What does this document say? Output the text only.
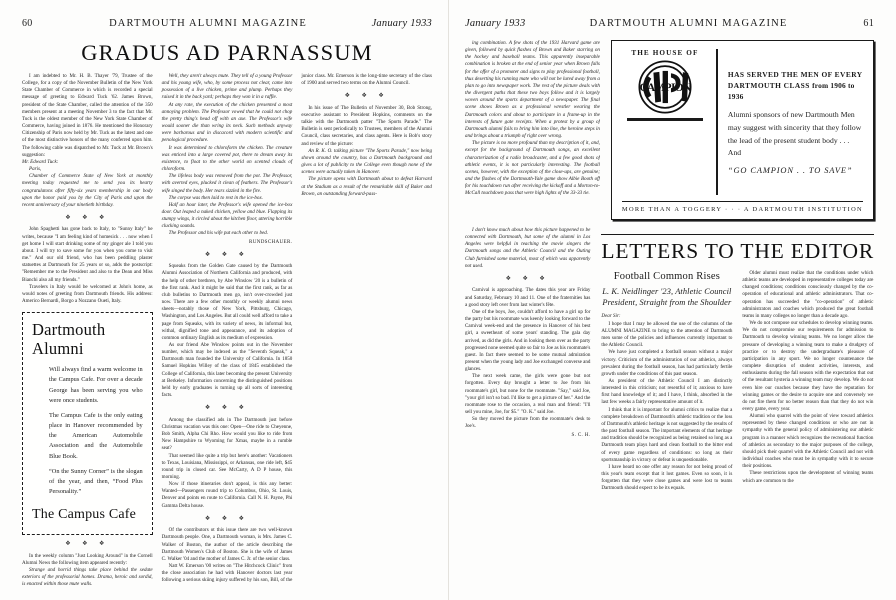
60	DARTMOUTH ALUMNI MAGAZINE	January 1933
GRADUS AD PARNASSUM

I am indebted to Mr. H. B. Thayer '79, Trustee of the College, for a copy of the November Bulletin of the New York State Chamber of Commerce in which is recorded a special message of greeting to Edward Tuck '62. James Brown, president of the State Chamber, called the attention of the 350 members present at a meeting November 3 to the fact that Mr. Tuck is the oldest member of the New York State Chamber of Commerce, having joined in 1876. He mentioned the Honorary Citizenship of Paris now held by Mr. Tuck as the latest and one of the most distinctive honors of the many conferred upon him. The following cable was dispatched to Mr. Tuck at Mr. Brown's suggestion:

Mr. Edward Tuck:

Paris,

Chamber of Commerce State of New York at monthly meeting today requested me to send you its hearty congratulatons after fifty-six years membership in our body upon the honor paid you by the City of Paris and upon the recent anniversary of your ninetieth birthday.

❖ ❖ ❖

John Spaghetti has gone back to Italy, to "Sunny Italy" he writes, because "I am feeling kind of homesick . . . now when I get home I will start drinking some of my ginger ale I told you about. I will try to save some for you when you come to visit me." And our old friend, who has been peddling plaster statuettes at Dartmouth for 25 years or so, adds the postscript: "Remember me to the President and also to the Dean and Miss Bianchi also all my friends."

Travelers in Italy would be welcomed at John's home, as would notes of greeting from Dartmouth friends. His address: Americo Bernardi, Borgo a Nozzano Oueti, Italy.

Dartmouth
Alumni

Will always find a warm welcome in the Campus Cafe. For over a decade George has been serving you who were once students.

The Campus Cafe is the only eating place in Hanover recommended by the American Automobile Association and the Automobile Blue Book.

“On the Sunny Corner” is the slogan of the year, and then, “Food Plus Personality.”

The Campus Cafe

❖ ❖ ❖

In the weekly column "Just Looking Around" in the Cornell Alumni News the following item appeared recently:

Strange and horrid things take place behind the sedate exteriors of the professorial homes. Drama, heroic and sordid, is enacted within those mute walls.

Well, they aren't always mute. They tell of a young Professor and his young wife, who, by some process not clear, came into possession of a live chicken, prime and plump. Perhaps they raised it in the back yard; perhaps they won it in a raffle.

At any rate, the execution of the chicken presented a most annoying problem. The Professor vowed that he could not chop the pretty thing's head off with an axe. The Professor's wife would sooner die than wring its neck. Such methods anyway were barbarous and in discacord with modern scientific and penological procedure.

It was determined to chloroform the chicken. The creature was enticed into a large covered pot, there to dream away its existence, to float to the other world on scented clouds of chloroform.

The lifeless body was removed from the pot. The Professor, with averted eyes, plucked it clean of feathers. The Professor's wife singed the body. Her tears sizzled in the fire.

The corpse was then laid to rest in the ice-box.

Half an hour later, the Professor's wife opened the ice-box door. Out leaped a naked chicken, yellow and blue. Flapping its stumpy wings, it circled about the kitchen floor, uttering horrible clucking sounds.

The Professor and his wife put each other to bed.

RUNDSCHAUER.

❖ ❖ ❖

Squeaks from the Golden Gate caused by the Dartmouth Alumni Association of Northern California and produced, with the help of other brethren, by Abe Winslow '20 is a bulletin of the first rank. And it might be said that the first rank, as far as club bulletins to Dartmouth men go, isn't over-crowded just now. There are a few other monthly or weekly alumni news sheets—notably those of New York, Pittsburg, Chicago, Washington, and Los Angeles. But all could well afford to take a page from Squeaks, with its variety of news, its informal but, withal, dignified tone and appearance, and its adoption of common ordinary English as its medium of expression.

As our friend Abe Winslow points out in the November number, which may be indexed as the "Seventh Squeak," a Dartmouth man founded the University of California. In 1850 Samuel Hopkins Willey of the class of 1845 established the College of California, this later becoming the present University at Berkeley. Information concerning the distinguished positions held by early graduates is turning up all sorts of interesting facts.

❖ ❖ ❖

Among the classified ads in The Dartmouth just before Christmas vacation was this one: Open—One ride to Cheyenne, Bob Smith, Alpha Chi Rho. How would you like to ride from New Hampshire to Wyoming for Xmas, maybe in a rumble seat?

That seemed like quite a trip but here's another: Vacationers to Texas, Louisiana, Mississippi, or Arkansas, one ride left, $45 round trip in closed car. See McCarty, A D P house, this morning.

Now if those itineraries don't appeal, is this any better: Wanted—Passengers round trip to Columbus, Ohio, St. Louis, Denver and points en route to California. Call N. H. Payne, Phi Gamma Delta house.

❖ ❖ ❖

Of the contributors ot this issue there are two well-known Dartmouth people. One, a Dartmouth woman, is Mrs. James C. Walker of Boston, the author of the article describing the Dartmouth Women's Club of Boston. She is the wife of James C. Walker '04 and the mother of James C. Jr. of the senior class.

Natt W. Emerson '00 writes on "The Hitchcock Clinic" from the close association he had with Hanover doctors last year following a serious skiing injury suffered by his son, Bill, of the junior class. Mr. Emerson is the long-time secretary of the class of 1900 and served two terms on the Alumni Council.

❖ ❖ ❖

In his issue of The Bulletin of November 30, Bob Strong, executive assistant to President Hopkins, comments on the talkie with the Dartmouth patter "The Sports Parade." The Bulletin is sent periodically to Trustees, members of the Alumni Council, class secretaries, and class agents. Here is Bob's story and review of the picture:

An R. K. O. talking picture "The Sports Parade," now being shown around the country, has a Dartmouth background and gives a lot of publicity to the College even though none of the scenes were actually taken in Hanover.

The picture opens with Dartmouth about to defeat Harvard at the Stadium as a result of the remarkable skill of Baker and Brown, an outstanding forward-pass-

January 1933	DARTMOUTH ALUMNI MAGAZINE	61

ing combination. A few shots of the 1931 Harvard game are given, followed by quick flashes of Brown and Baker starring on the hockey and baseball teams. This apparently inseparable combination is broken at the end of senior year when Brown falls for the offer of a promoter and signs to play professional football, thus deserting his running mate who will not be lured away from a plan to go into newspaper work. The rest of the picture deals with the divergent paths that these two boys follow and it is largely woven around the sports department of a newspaper. The final scene shows Brown as a professional wrestler wearing the Dartmouth colors and about to participate in a frame-up in the interests of future gate receipts. When a protest by a group of Dartmouth alumni fails to bring him into line, the heroine steps in and brings about a triumph of right over wrong.

The picture is no more profound than my description of it, and, except for the background of Dartmouth songs, an excellent characterization of a radio broadcaster, and a few good shots of athletic events, it is not particularly interesting. The football scenes, however, with the exception of the close-ups, are genuine; and the flashes of the Dartmouth-Yale game show Albie Booth off for his touchdown run after receiving the kickoff and a Morton-to-McCall touchdown pass that were high lights of the 33-33 tie.

THE HOUSE OF
CAMPION
HAS SERVED THE MEN OF EVERY
DARTMOUTH CLASS from 1906 to 1936
Alumni sponsors of new Dartmouth Men may suggest with sincerity that they follow the lead of the present student body . . . And
“GO CAMPION . . TO SAVE”
MORE THAN A TOGGERY · · · A DARTMOUTH INSTITUTION

I don't know much about how this picture happened to be connected with Dartmouth, but some of the alumni in Los Angeles were helpful in teaching the movie singers the Dartmouth songs and the Athletic Council and the Outing Club furnished some material, most of which was apparently not used.

❖ ❖ ❖

Carnival is approaching. The dates this year are Friday and Saturday, February 10 and 11. One of the fraternities has a good story left over from last winter's fête.

One of the boys, Joe, couldn't afford to have a girl up for the party but his roommate was keenly looking forward to the Carnival week-end and the presence in Hanover of his best girl, a sweetheart of some years' standing. The gala day arrived, as did the girls. And in looking them over as the party progressed none seemed quite so fair to Joe as his roommate's guest. In fact there seemed to be some mutual admiration present when the young lady and Joe exchanged converse and glances.

The next week came, the girls were gone but not forgotten. Every day brought a letter to Joe from his roommate's girl, but none for the roommate. "Say," said Joe, "your girl isn't so bad. I'd like to get a picture of her." And the roommate rose to the occasion, a real man and friend: "I'll sell you mine, Joe, for $5." "O. K." said Joe.

So they moved the picture from the roommate's desk to Joe's.

S. C. H.

LETTERS TO THE EDITOR
Football Common Rises
L. K. Neidlinger '23, Athletic Council President, Straight from the Shoulder

Dear Sir:

I hope that I may be allowed the use of the columns of the ALUMNI MAGAZINE to bring to the attention of Dartmouth men some of the policies and influences currently important to the Athletic Council.

We have just completed a football season without a major victory. Criticism of the administration of our athletics, always prevalent during the football season, has had particularly fertile growth under the conditions of this past season.

As president of the Athletic Council I am distinctly interested in this criticism; not resentful of it; anxious to have first hand knowledge of it; and I have, I think, absorbed in the last few weeks a fairly representative amount of it.

I think that it is important for alumni critics to realize that a complete breakdown of Dartmouth's athletic tradition or the loss of Dartmouth's athletic heritage is not suggested by the results of the past football season. The important elements of that heritage and tradition should be recognized as being retained so long as a Dartmouth team plays hard and clean football to the bitter end of every game regardless of conditions: so long as their sportsmanship in victory or defeat is unquestionable.

I have heard no one offer any reason for not being proud of this year's team except that it lost games. Even so soon, it is forgotten that they were close games and were lost to teams Dartmouth should expect to be its equals.

Older alumni must realize that the conditions under which athletic teams are developed in representative colleges today are changed conditions; conditions consciously changed by the co-operation of educational and athletic administrators. That co-operation has succeeded the "co-operation" of athletic administrators and coaches which produced the great football teams in many colleges no longer than a decade ago.

We do not compose our schedules to develop winning teams. We do not compromise our requirements for admission to Dartmouth to develop winning teams. We no longer allow the pressure of developing a winning team to make a drudgery of practice or to destroy the undergraduate's pleasure of participation in any sport. We no longer countenance the complete disruption of student activities, interests, and enthusiasms during the fall season with the expectation that out of the resultant hysteria a winning team may develop. We do not even hire our coaches because they have the reputation for winning games or the desire to acquire one and conversely we do not fire them for no better reason than that they do not win every game, every year.

Alumni who quarrel with the point of view toward athletics represented by these changed conditions or who are not in sympathy with the general policy of administering our athletic program in a manner which recognizes the recreational function of athletics as secondary to the major purposes of the college, should pick their quarrel with the Athletic Council and not with individual coaches who must be in sympathy with it to secure their positions.

These restrictions upon the development of winning teams which are common to the
